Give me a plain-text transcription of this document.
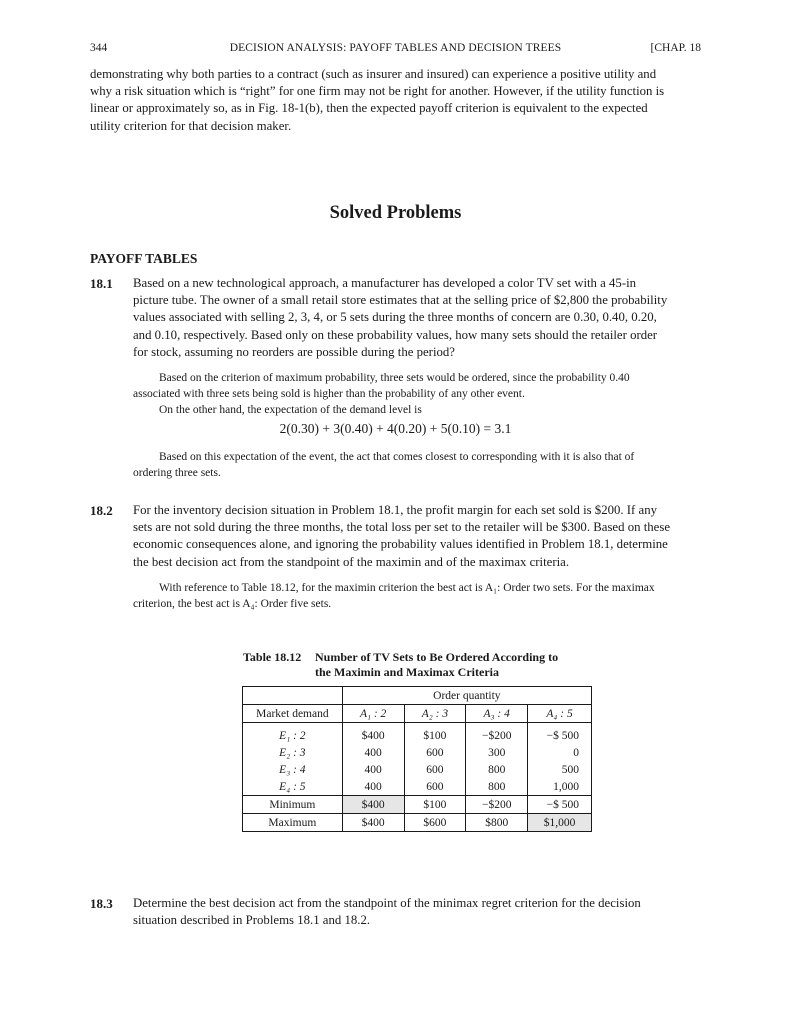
344	DECISION ANALYSIS: PAYOFF TABLES AND DECISION TREES	[CHAP. 18
demonstrating why both parties to a contract (such as insurer and insured) can experience a positive utility and
why a risk situation which is “right” for one firm may not be right for another. However, if the utility function is
linear or approximately so, as in Fig. 18-1(b), then the expected payoff criterion is equivalent to the expected
utility criterion for that decision maker.
Solved Problems
PAYOFF TABLES
18.1 Based on a new technological approach, a manufacturer has developed a color TV set with a 45-in
picture tube. The owner of a small retail store estimates that at the selling price of $2,800 the probability
values associated with selling 2, 3, 4, or 5 sets during the three months of concern are 0.30, 0.40, 0.20,
and 0.10, respectively. Based only on these probability values, how many sets should the retailer order
for stock, assuming no reorders are possible during the period?
Based on the criterion of maximum probability, three sets would be ordered, since the probability 0.40
associated with three sets being sold is higher than the probability of any other event.
On the other hand, the expectation of the demand level is
2(0.30) + 3(0.40) + 4(0.20) + 5(0.10) = 3.1
Based on this expectation of the event, the act that comes closest to corresponding with it is also that of
ordering three sets.
18.2 For the inventory decision situation in Problem 18.1, the profit margin for each set sold is $200. If any
sets are not sold during the three months, the total loss per set to the retailer will be $300. Based on these
economic consequences alone, and ignoring the probability values identified in Problem 18.1, determine
the best decision act from the standpoint of the maximin and of the maximax criteria.
With reference to Table 18.12, for the maximin criterion the best act is A₁: Order two sets. For the maximax
criterion, the best act is A₄: Order five sets.
Table 18.12 Number of TV Sets to Be Ordered According to
the Maximin and Maximax Criteria
	Order quantity			
Market demand	A₁ : 2	A₂ : 3	A₃ : 4	A₄ : 5
E₁ : 2	$400	$100	−$200	−$ 500
E₂ : 3	400	600	300	0
E₃ : 4	400	600	800	500
E₄ : 5	400	600	800	1,000
Minimum	$400	$100	−$200	−$ 500
Maximum	$400	$600	$800	$1,000
18.3 Determine the best decision act from the standpoint of the minimax regret criterion for the decision
situation described in Problems 18.1 and 18.2.
